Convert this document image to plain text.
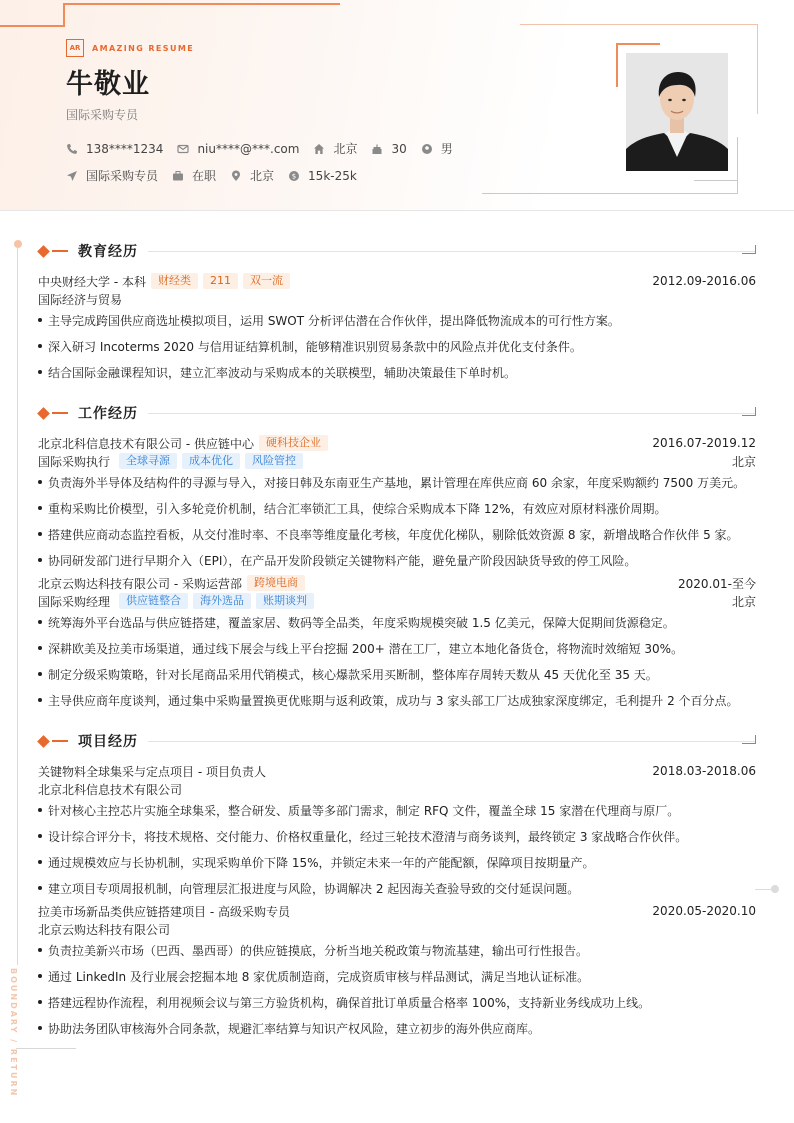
AR	AMAZING RESUME
牛敬业
国际采购专员
138****1234	niu****@***.com	北京	30	男
国际采购专员	在职	北京	$ 15k-25k
BOUNDARY / RETURN
教育经历
中央财经大学 - 本科	财经类	211	双一流	2012.09-2016.06
国际经济与贸易
主导完成跨国供应商选址模拟项目，运用 SWOT 分析评估潜在合作伙伴，提出降低物流成本的可行性方案。
深入研习 Incoterms 2020 与信用证结算机制，能够精准识别贸易条款中的风险点并优化支付条件。
结合国际金融课程知识，建立汇率波动与采购成本的关联模型，辅助决策最佳下单时机。
工作经历
北京北科信息技术有限公司 - 供应链中心	硬科技企业	2016.07-2019.12
国际采购执行	全球寻源	成本优化	风险管控	北京
负责海外半导体及结构件的寻源与导入，对接日韩及东南亚生产基地，累计管理在库供应商 60 余家，年度采购额约 7500 万美元。
重构采购比价模型，引入多轮竞价机制，结合汇率锁汇工具，使综合采购成本下降 12%，有效应对原材料涨价周期。
搭建供应商动态监控看板，从交付准时率、不良率等维度量化考核，年度优化梯队，剔除低效资源 8 家，新增战略合作伙伴 5 家。
协同研发部门进行早期介入（EPI），在产品开发阶段锁定关键物料产能，避免量产阶段因缺货导致的停工风险。
北京云购达科技有限公司 - 采购运营部	跨境电商	2020.01-至今
国际采购经理	供应链整合	海外选品	账期谈判	北京
统筹海外平台选品与供应链搭建，覆盖家居、数码等全品类，年度采购规模突破 1.5 亿美元，保障大促期间货源稳定。
深耕欧美及拉美市场渠道，通过线下展会与线上平台挖掘 200+ 潜在工厂，建立本地化备货仓，将物流时效缩短 30%。
制定分级采购策略，针对长尾商品采用代销模式，核心爆款采用买断制，整体库存周转天数从 45 天优化至 35 天。
主导供应商年度谈判，通过集中采购量置换更优账期与返利政策，成功与 3 家头部工厂达成独家深度绑定，毛利提升 2 个百分点。
项目经历
关键物料全球集采与定点项目 - 项目负责人	2018.03-2018.06
北京北科信息技术有限公司
针对核心主控芯片实施全球集采，整合研发、质量等多部门需求，制定 RFQ 文件，覆盖全球 15 家潜在代理商与原厂。
设计综合评分卡，将技术规格、交付能力、价格权重量化，经过三轮技术澄清与商务谈判，最终锁定 3 家战略合作伙伴。
通过规模效应与长协机制，实现采购单价下降 15%，并锁定未来一年的产能配额，保障项目按期量产。
建立项目专项周报机制，向管理层汇报进度与风险，协调解决 2 起因海关查验导致的交付延误问题。
拉美市场新品类供应链搭建项目 - 高级采购专员	2020.05-2020.10
北京云购达科技有限公司
负责拉美新兴市场（巴西、墨西哥）的供应链摸底，分析当地关税政策与物流基建，输出可行性报告。
通过 LinkedIn 及行业展会挖掘本地 8 家优质制造商，完成资质审核与样品测试，满足当地认证标准。
搭建远程协作流程，利用视频会议与第三方验货机构，确保首批订单质量合格率 100%，支持新业务线成功上线。
协助法务团队审核海外合同条款，规避汇率结算与知识产权风险，建立初步的海外供应商库。
